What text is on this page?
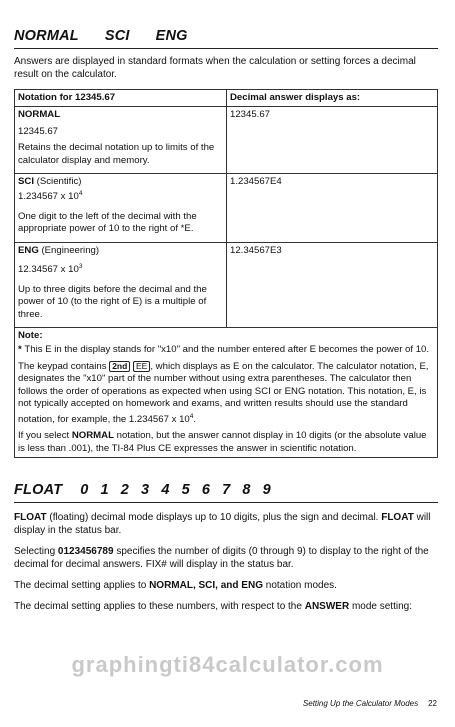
NORMAL SCI ENG

Answers are displayed in standard formats when the calculation or setting forces a decimal result on the calculator.

Notation for 12345.67	Decimal answer displays as:

NORMAL
12345.67
Retains the decimal notation up to limits of the calculator display and memory.	12345.67

SCI (Scientific)
1.234567 x $10^4$
One digit to the left of the decimal with the appropriate power of 10 to the right of *E.	1.234567E4

ENG (Engineering)
12.34567 x $10^3$
Up to three digits before the decimal and the power of 10 (to the right of E) is a multiple of three.	12.34567E3

Note:

* This E in the display stands for "x10" and the number entered after E becomes the power of 10.

The keypad contains 2nd EE , which displays as E on the calculator. The calculator notation, E, designates the "x10" part of the number without using extra parentheses. The calculator then follows the order of operations as expected when using SCI or ENG notation. This notation, E, is not typically accepted on homework and exams, and written results should use the standard notation, for example, the 1.234567 x $10^4$.

If you select NORMAL notation, but the answer cannot display in 10 digits (or the absolute value is less than .001), the TI-84 Plus CE expresses the answer in scientific notation.	

FLOAT 0 1 2 3 4 5 6 7 8 9

FLOAT (floating) decimal mode displays up to 10 digits, plus the sign and decimal. FLOAT will display in the status bar.

Selecting 0123456789 specifies the number of digits (0 through 9) to display to the right of the decimal for decimal answers. FIX# will display in the status bar.

The decimal setting applies to NORMAL, SCI, and ENG notation modes.

The decimal setting applies to these numbers, with respect to the ANSWER mode setting:

graphingti84calculator.com
Setting Up the Calculator Modes 22
